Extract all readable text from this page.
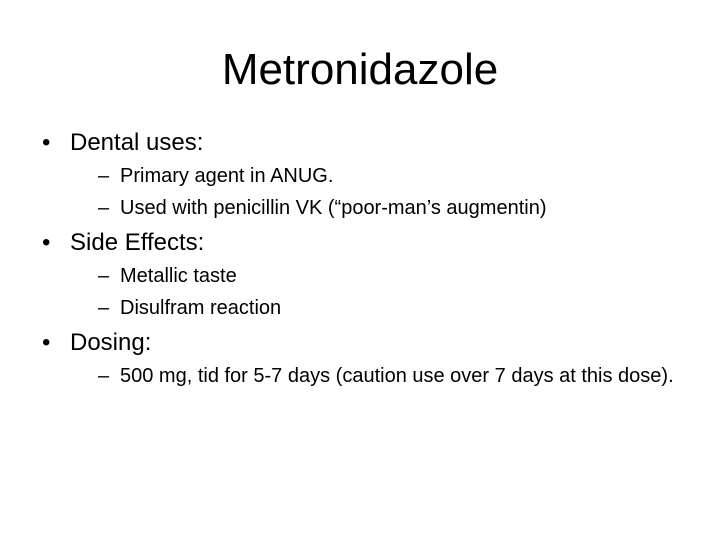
Metronidazole
• Dental uses:
– Primary agent in ANUG.
– Used with penicillin VK (“poor-man’s augmentin)
• Side Effects:
– Metallic taste
– Disulfram reaction
• Dosing:
– 500 mg, tid for 5-7 days (caution use over 7 days at this dose).
